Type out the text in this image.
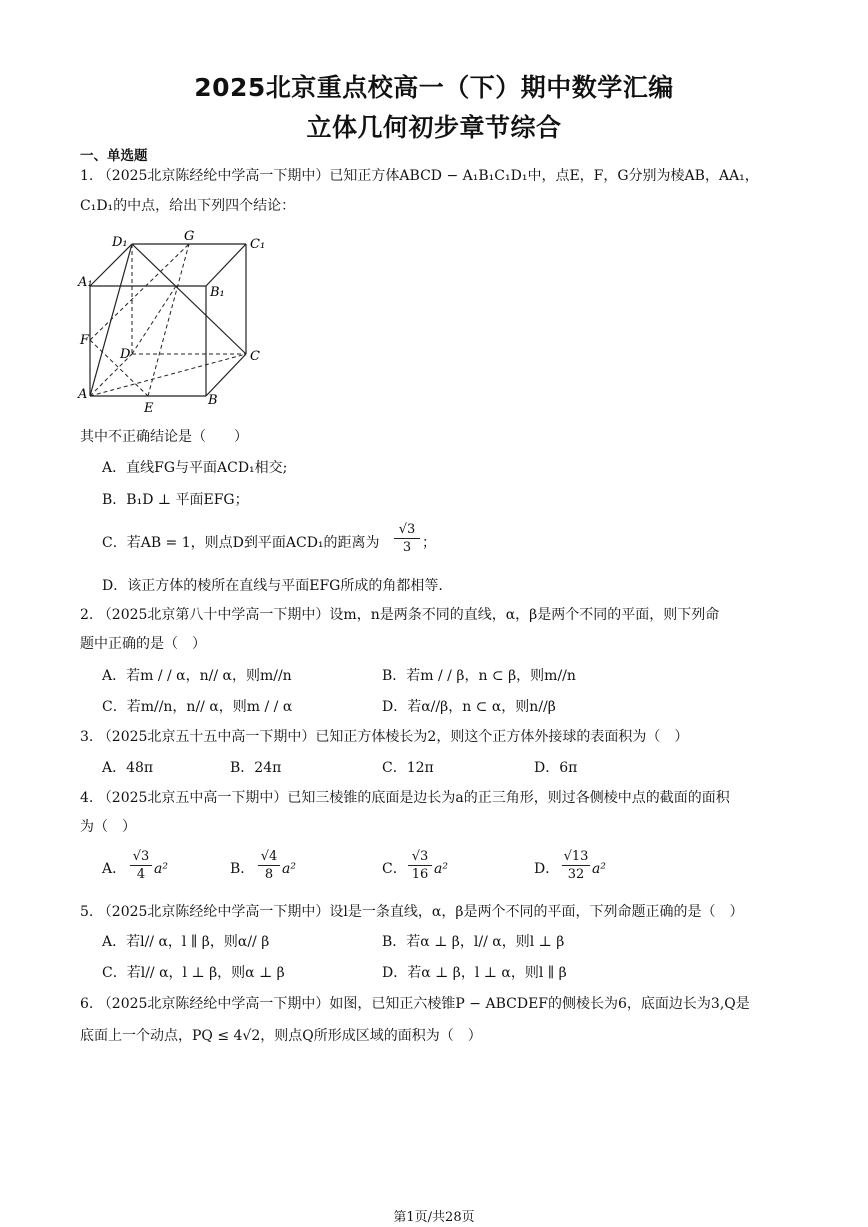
2025北京重点校高一（下）期中数学汇编
立体几何初步章节综合
一、单选题
1. （2025北京陈经纶中学高一下期中）已知正方体ABCD − A₁B₁C₁D₁中，点E，F，G分别为棱AB，AA₁，
C₁D₁的中点，给出下列四个结论：
D₁	G
C₁
A₁
B₁
F
D	C
A
E
B
其中不正确结论是（　　）
A．直线FG与平面ACD₁相交;
B．B₁D ⊥ 平面EFG；
C．若AB = 1，则点D到平面ACD₁的距离为 $\frac{√3}{3}$ ；
D．该正方体的棱所在直线与平面EFG所成的角都相等.
2. （2025北京第八十中学高一下期中）设m，n是两条不同的直线，α，β是两个不同的平面，则下列命
题中正确的是（　）
A．若m / / α，n// α，则m//n	B．若m / / β，n ⊂ β，则m//n
C．若m//n，n// α，则m / / α	D．若α//β，n ⊂ α，则n//β
3. （2025北京五十五中高一下期中）已知正方体棱长为2，则这个正方体外接球的表面积为（　）
A．48π	B．24π	C．12π	D．6π
4. （2025北京五中高一下期中）已知三棱锥的底面是边长为a的正三角形，则过各侧棱中点的截面的面积
为（　）
A． $\frac{√3}{4} a^2$	B． $\frac{√4}{8} a^2$	C． $\frac{√3}{16} a^2$	D． $\frac{√13}{32} a^2$
5. （2025北京陈经纶中学高一下期中）设l是一条直线，α，β是两个不同的平面，下列命题正确的是（　）
A．若l// α，l ∥ β，则α// β	B．若α ⊥ β，l// α，则l ⊥ β
C．若l// α，l ⊥ β，则α ⊥ β	D．若α ⊥ β，l ⊥ α，则l ∥ β
6. （2025北京陈经纶中学高一下期中）如图，已知正六棱锥P − ABCDEF的侧棱长为6，底面边长为3,Q是
底面上一个动点，PQ ≤ 4√2，则点Q所形成区域的面积为（　）
第1页/共28页
